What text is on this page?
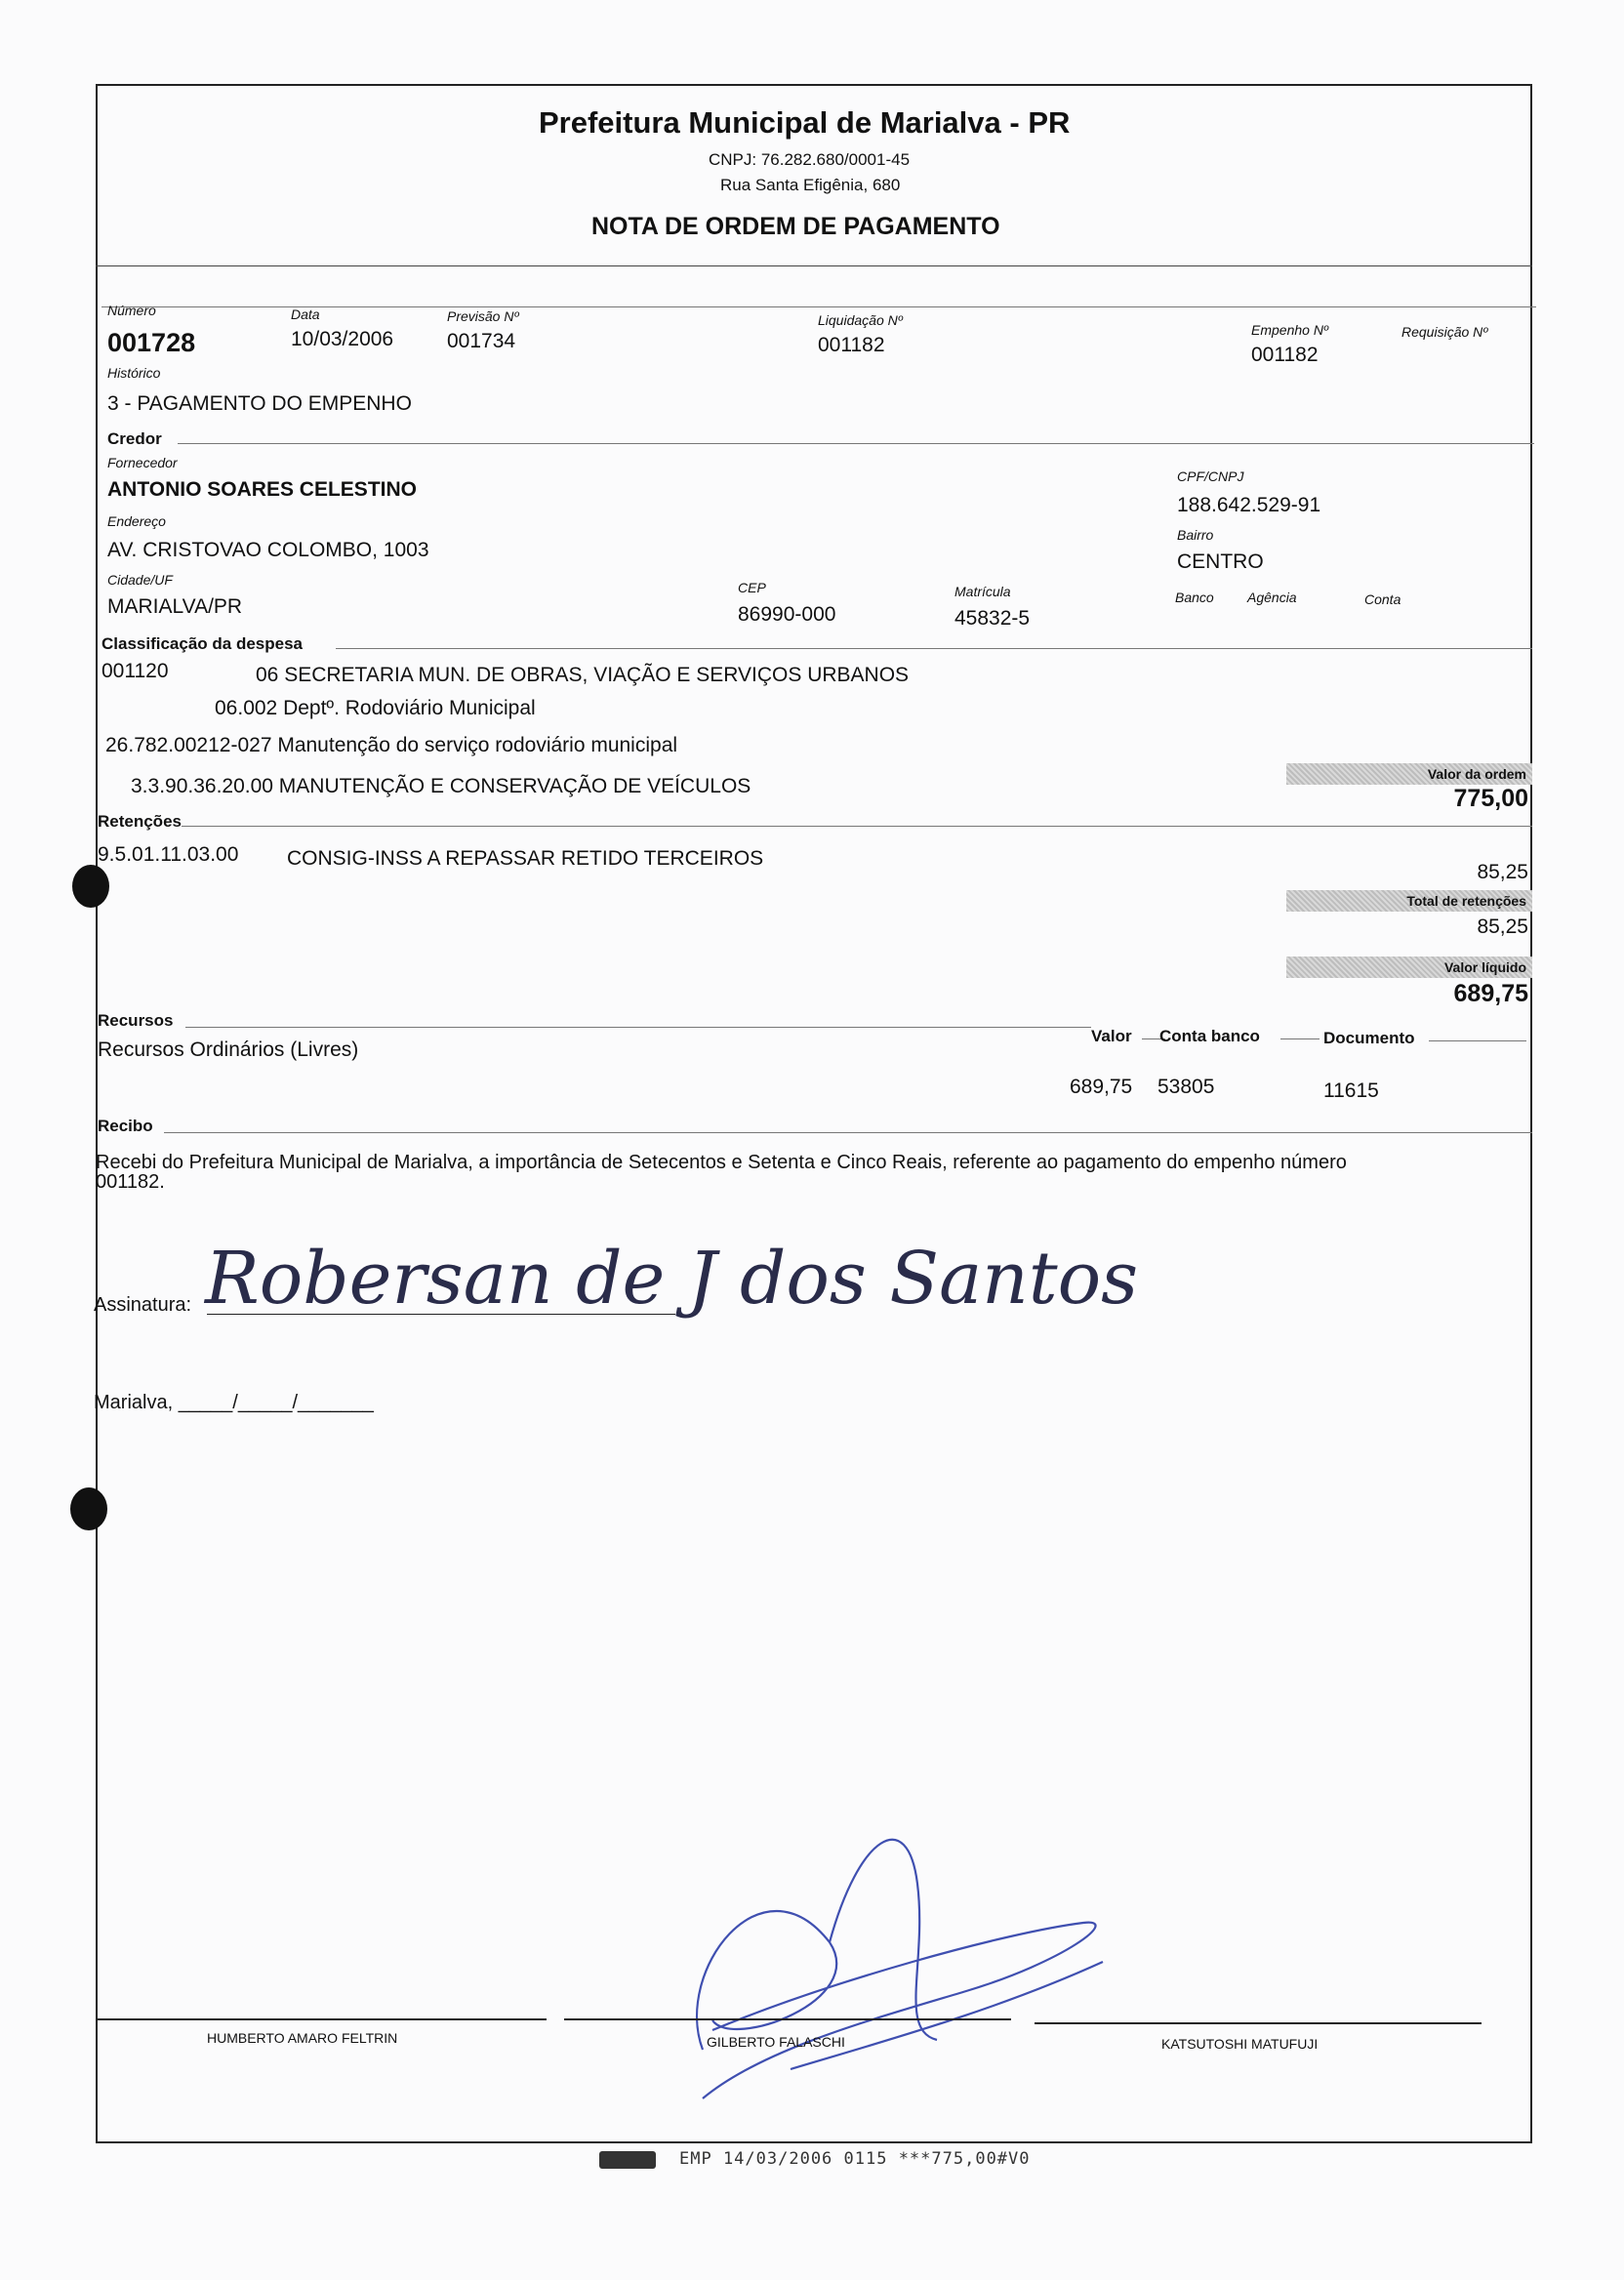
Prefeitura Municipal de Marialva - PR
CNPJ: 76.282.680/0001-45
Rua Santa Efigênia, 680
NOTA DE ORDEM DE PAGAMENTO
Número
001728
Data
10/03/2006
Previsão Nº
001734
Liquidação Nº
001182
Empenho Nº
001182
Requisição Nº
Histórico
3 - PAGAMENTO DO EMPENHO
Credor
Fornecedor
ANTONIO SOARES CELESTINO
CPF/CNPJ
188.642.529-91
Endereço
AV. CRISTOVAO COLOMBO, 1003
Bairro
CENTRO
Cidade/UF
MARIALVA/PR
CEP
86990-000
Matrícula
45832-5
Banco Agência	Conta
Classificação da despesa
001120	06 SECRETARIA MUN. DE OBRAS, VIAÇÃO E SERVIÇOS URBANOS
06.002 Deptº. Rodoviário Municipal
26.782.00212-027 Manutenção do serviço rodoviário municipal
3.3.90.36.20.00 MANUTENÇÃO E CONSERVAÇÃO DE VEÍCULOS
Valor da ordem
775,00
Retenções
9.5.01.11.03.00 CONSIG-INSS A REPASSAR RETIDO TERCEIROS
85,25
Total de retenções
85,25
Valor líquido
689,75
Recursos
Valor Conta banco	Documento
Recursos Ordinários (Livres)
689,75 53805	11615
Recibo
Recebi do Prefeitura Municipal de Marialva, a importância de Setecentos e Setenta e Cinco Reais, referente ao pagamento do empenho número
001182.
Assinatura: Robersan de J dos Santos
Marialva, _____/_____/_______
HUMBERTO AMARO FELTRIN	GILBERTO FALASCHI	KATSUTOSHI MATUFUJI
EMP 14/03/2006 0115 ***775,00#V0
